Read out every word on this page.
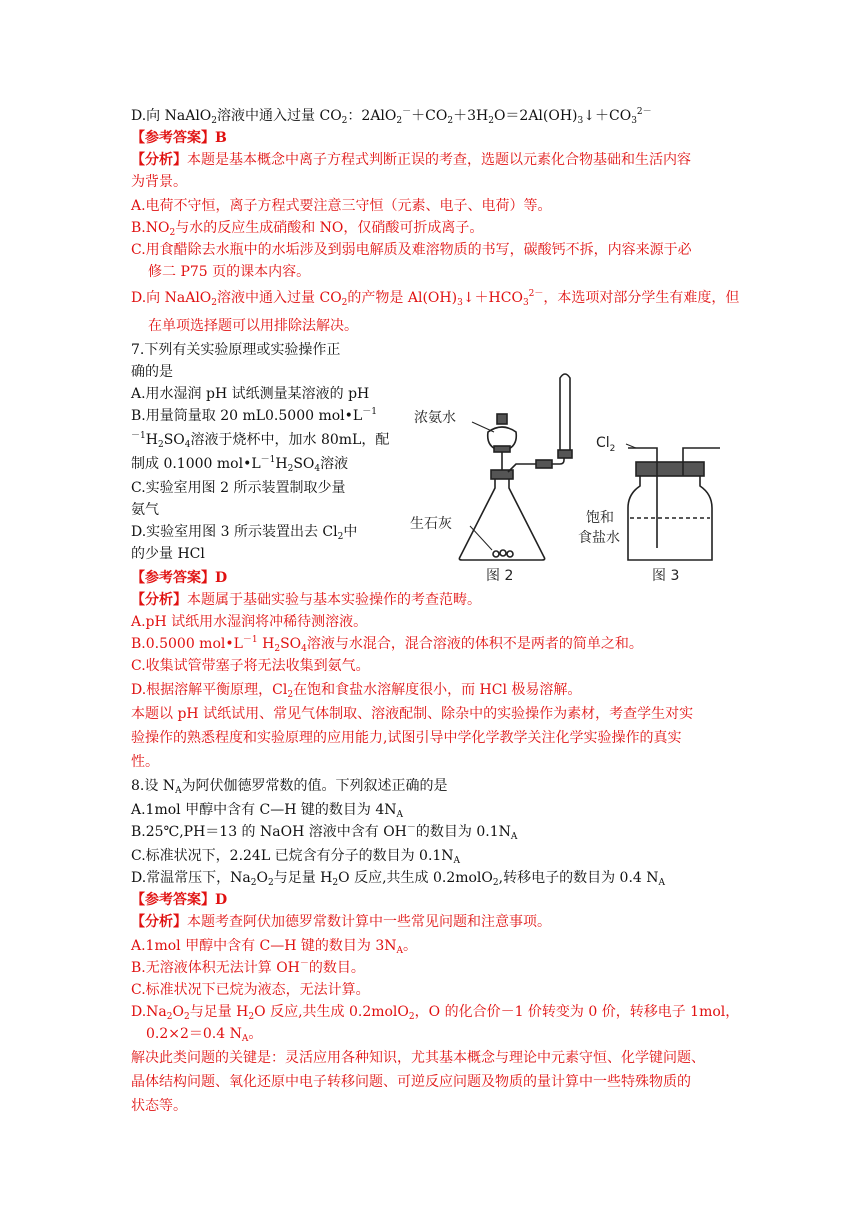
D.向 NaAlO$_2$溶液中通入过量 $CO_2$：$2AlO_2^-+CO_2+3H_2O=2Al(OH)_3↓+CO_3^{2-}$
【参考答案】B
【分析】本题是基本概念中离子方程式判断正误的考查，选题以元素化合物基础和生活内容
为背景。
A.电荷不守恒，离子方程式要注意三守恒（元素、电子、电荷）等。
$B.NO_2$与水的反应生成硝酸和 NO，仅硝酸可折成离子。
C.用食醋除去水瓶中的水垢涉及到弱电解质及难溶物质的书写，碳酸钙不拆，内容来源于必
修二 P75 页的课本内容。
D.向 NaAlO$_2$溶液中通入过量 $CO_2$的产物是 $Al(OH)_3↓+HCO_3^{2-}$，本选项对部分学生有难度，但
在单项选择题可以用排除法解决。
7.下列有关实验原理或实验操作正
确的是
A.用水湿润 pH 试纸测量某溶液的 pH
B.用量筒量取 20 mL0.5000 $mol•L^{-1}$
$^{-1}H_2SO_4$溶液于烧杯中，加水 80mL，配
制成 0.1000 $mol•L^{-1}H_2SO_4$溶液
C.实验室用图 2 所示装置制取少量
氨气
D.实验室用图 3 所示装置出去 $Cl_2$中
的少量 HCl
浓氨水
生石灰
$Cl_2$
饱和
食盐水
图 2	图 3
【参考答案】D
【分析】本题属于基础实验与基本实验操作的考查范畴。
A.pH 试纸用水湿润将冲稀待测溶液。
B.0.5000 $mol•L^{-1}$ $H_2SO_4$溶液与水混合，混合溶液的体积不是两者的简单之和。
C.收集试管带塞子将无法收集到氨气。
D.根据溶解平衡原理，$Cl_2$在饱和食盐水溶解度很小，而 HCl 极易溶解。
本题以 pH 试纸试用、常见气体制取、溶液配制、除杂中的实验操作为素材，考查学生对实
验操作的熟悉程度和实验原理的应用能力,试图引导中学化学教学关注化学实验操作的真实
性。
8.设 $N_A$为阿伏伽德罗常数的值。下列叙述正确的是
A.1mol 甲醇中含有 C—H 键的数目为 $4N_A$
B.25℃,PH＝13 的 NaOH 溶液中含有 OH－的数目为 $0.1N_A$
C.标准状况下，2.24L 已烷含有分子的数目为 $0.1N_A$
D.常温常压下，$Na_2O_2$与足量 $H_2O$ 反应,共生成 0.2molO$_2$,转移电子的数目为 0.4 $N_A$
【参考答案】D
【分析】本题考查阿伏加德罗常数计算中一些常见问题和注意事项。
A.1mol 甲醇中含有 C—H 键的数目为 $3N_A$。
B.无溶液体积无法计算 OH－的数目。
C.标准状况下已烷为液态，无法计算。
$D.Na_2O_2$与足量 $H_2O$ 反应,共生成 0.2molO$_2$，O 的化合价－1 价转变为 0 价，转移电子 1mol，
0.2×2＝0.4 $N_A$。
解决此类问题的关键是：灵活应用各种知识，尤其基本概念与理论中元素守恒、化学键问题、
晶体结构问题、氧化还原中电子转移问题、可逆反应问题及物质的量计算中一些特殊物质的
状态等。
